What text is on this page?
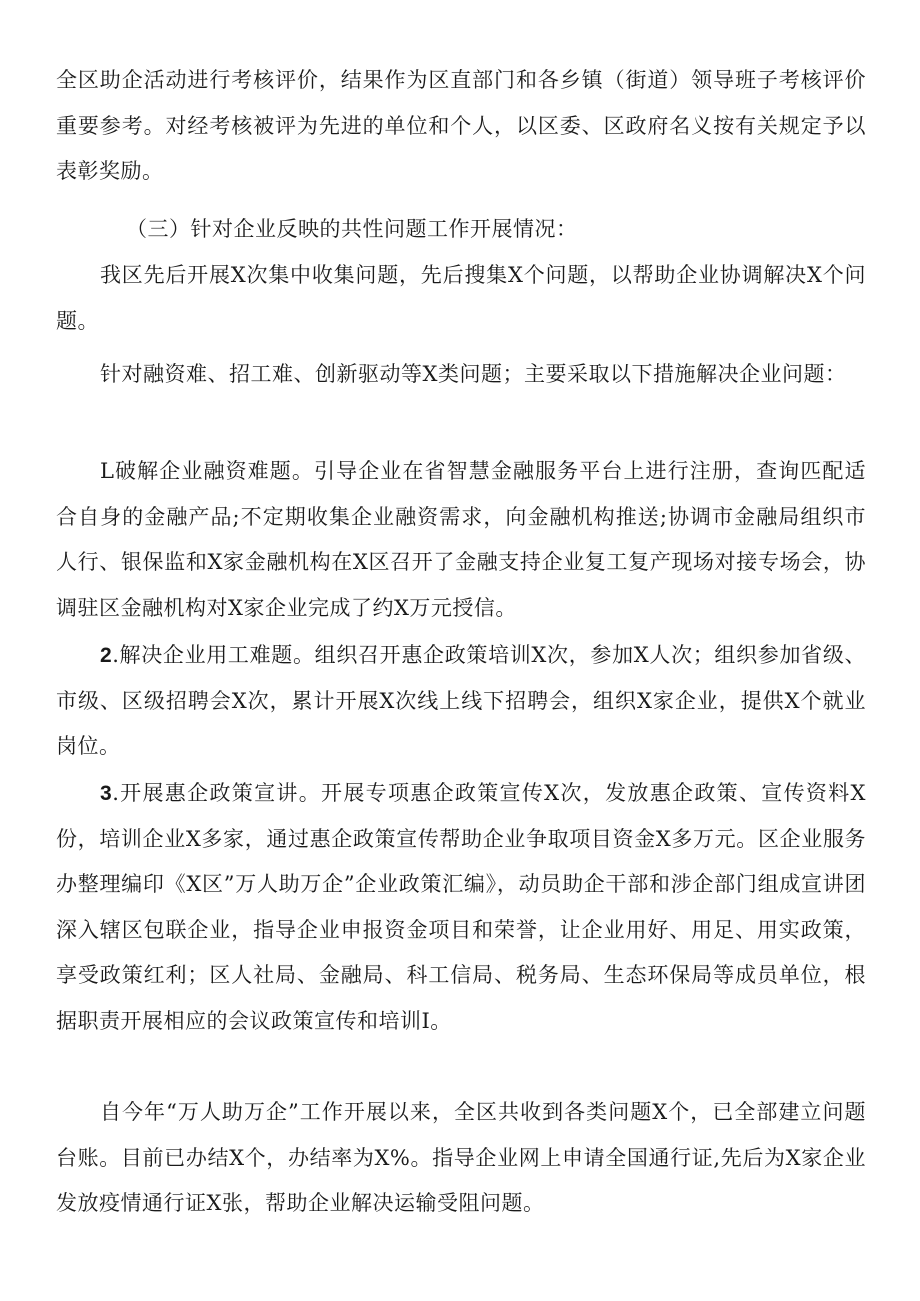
全区助企活动进行考核评价，结果作为区直部门和各乡镇（街道）领导班子考核评价重要参考。对经考核被评为先进的单位和个人，以区委、区政府名义按有关规定予以表彰奖励。

（三）针对企业反映的共性问题工作开展情况：

我区先后开展X次集中收集问题，先后搜集X个问题，以帮助企业协调解决X个问题。

针对融资难、招工难、创新驱动等X类问题；主要采取以下措施解决企业问题：

L破解企业融资难题。引导企业在省智慧金融服务平台上进行注册，查询匹配适合自身的金融产品;不定期收集企业融资需求，向金融机构推送;协调市金融局组织市人行、银保监和X家金融机构在X区召开了金融支持企业复工复产现场对接专场会，协调驻区金融机构对X家企业完成了约X万元授信。

2.解决企业用工难题。组织召开惠企政策培训X次，参加X人次；组织参加省级、市级、区级招聘会X次，累计开展X次线上线下招聘会，组织X家企业，提供X个就业岗位。

3.开展惠企政策宣讲。开展专项惠企政策宣传X次，发放惠企政策、宣传资料X份，培训企业X多家，通过惠企政策宣传帮助企业争取项目资金X多万元。区企业服务办整理编印《X区”万人助万企”企业政策汇编》，动员助企干部和涉企部门组成宣讲团深入辖区包联企业，指导企业申报资金项目和荣誉，让企业用好、用足、用实政策，享受政策红利；区人社局、金融局、科工信局、税务局、生态环保局等成员单位，根据职责开展相应的会议政策宣传和培训I。

自今年“万人助万企”工作开展以来，全区共收到各类问题X个，已全部建立问题台账。目前已办结X个，办结率为X%。指导企业网上申请全国通行证,先后为X家企业发放疫情通行证X张，帮助企业解决运输受阻问题。
